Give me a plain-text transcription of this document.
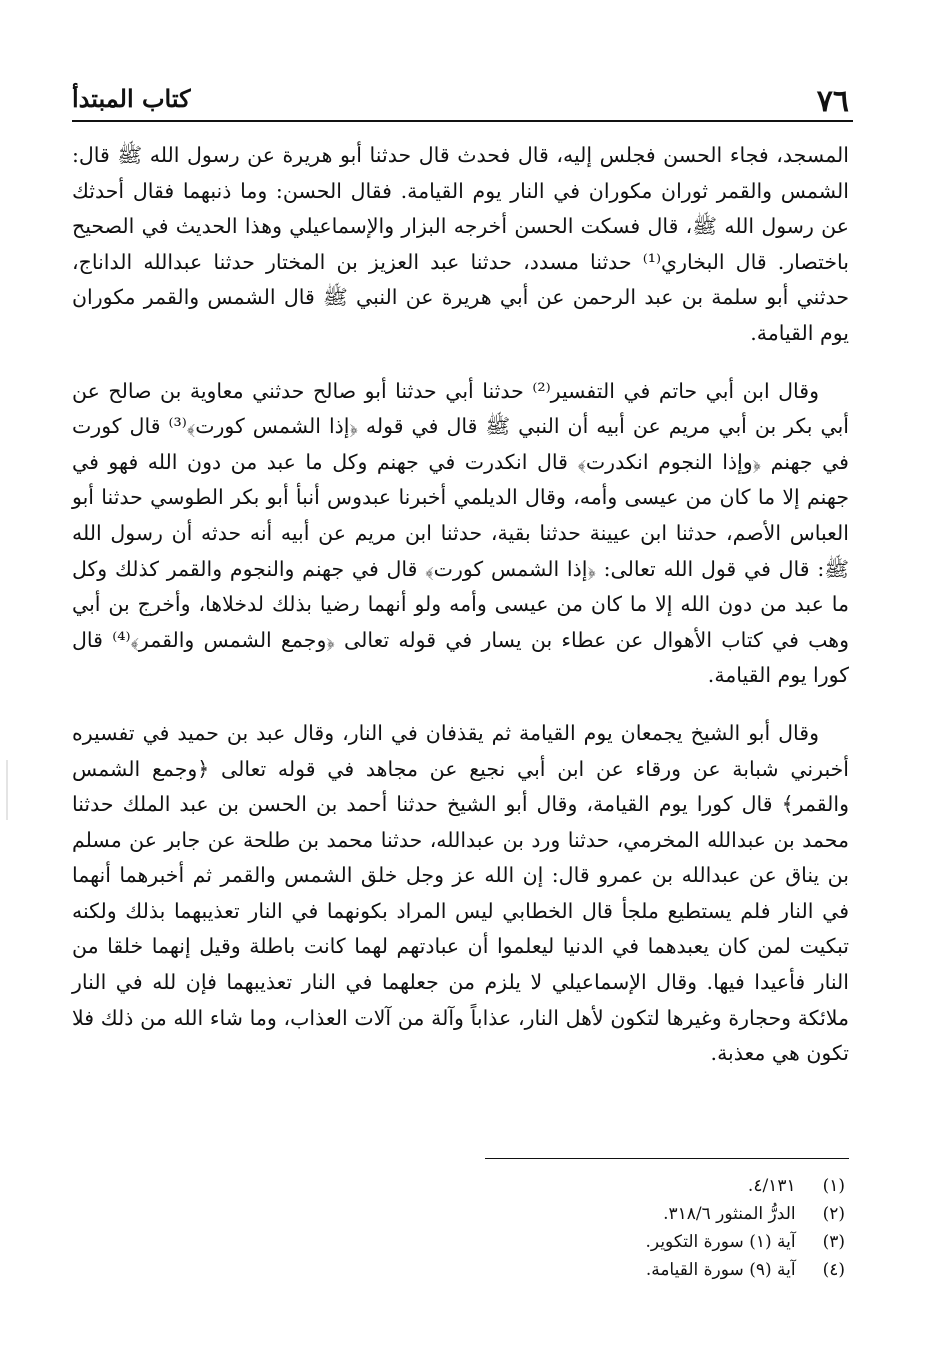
٧٦
كتاب المبتدأ

المسجد، فجاء الحسن فجلس إليه، قال فحدث قال حدثنا أبو هريرة عن رسول الله ﷺ قال: الشمس والقمر ثوران مكوران في النار يوم القيامة. فقال الحسن: وما ذنبهما فقال أحدثك عن رسول الله ﷺ، قال فسكت الحسن أخرجه البزار والإسماعيلي وهذا الحديث في الصحيح باختصار. قال البخاري⁽¹⁾ حدثنا مسدد، حدثنا عبد العزيز بن المختار حدثنا عبدالله الداناج، حدثني أبو سلمة بن عبد الرحمن عن أبي هريرة عن النبي ﷺ قال الشمس والقمر مكوران يوم القيامة.

وقال ابن أبي حاتم في التفسير⁽²⁾ حدثنا أبي حدثنا أبو صالح حدثني معاوية بن صالح عن أبي بكر بن أبي مريم عن أبيه أن النبي ﷺ قال في قوله ﴿إذا الشمس كورت﴾⁽³⁾ قال كورت في جهنم ﴿وإذا النجوم انكدرت﴾ قال انكدرت في جهنم وكل ما عبد من دون الله فهو في جهنم إلا ما كان من عيسى وأمه، وقال الديلمي أخبرنا عبدوس أنبأ أبو بكر الطوسي حدثنا أبو العباس الأصم، حدثنا ابن عيينة حدثنا بقية، حدثنا ابن مريم عن أبيه أنه حدثه أن رسول الله ﷺ: قال في قول الله تعالى: ﴿إذا الشمس كورت﴾ قال في جهنم والنجوم والقمر كذلك وكل ما عبد من دون الله إلا ما كان من عيسى وأمه ولو أنهما رضيا بذلك لدخلاها، وأخرج بن أبي وهب في كتاب الأهوال عن عطاء بن يسار في قوله تعالى ﴿وجمع الشمس والقمر﴾⁽⁴⁾ قال كورا يوم القيامة.

وقال أبو الشيخ يجمعان يوم القيامة ثم يقذفان في النار، وقال عبد بن حميد في تفسيره أخبرني شبابة عن ورقاء عن ابن أبي نجيع عن مجاهد في قوله تعالى ﴿وجمع الشمس والقمر﴾ قال كورا يوم القيامة، وقال أبو الشيخ حدثنا أحمد بن الحسن بن عبد الملك حدثنا محمد بن عبدالله المخرمي، حدثنا ورد بن عبدالله، حدثنا محمد بن طلحة عن جابر عن مسلم بن يناق عن عبدالله بن عمرو قال: إن الله عز وجل خلق الشمس والقمر ثم أخبرهما أنهما في النار فلم يستطيع ملجأ قال الخطابي ليس المراد بكونهما في النار تعذيبهما بذلك ولكنه تبكيت لمن كان يعبدهما في الدنيا ليعلموا أن عبادتهم لهما كانت باطلة وقيل إنهما خلقا من النار فأعيدا فيها. وقال الإسماعيلي لا يلزم من جعلهما في النار تعذيبهما فإن لله في النار ملائكة وحجارة وغيرها لتكون لأهل النار، عذاباً وآلة من آلات العذاب، وما شاء الله من ذلك فلا تكون هي معذبة.

(١) ٤/١٣١.
(٢) الدرُّ المنثور ٣١٨/٦.
(٣) آية (١) سورة التكوير.
(٤) آية (٩) سورة القيامة.
